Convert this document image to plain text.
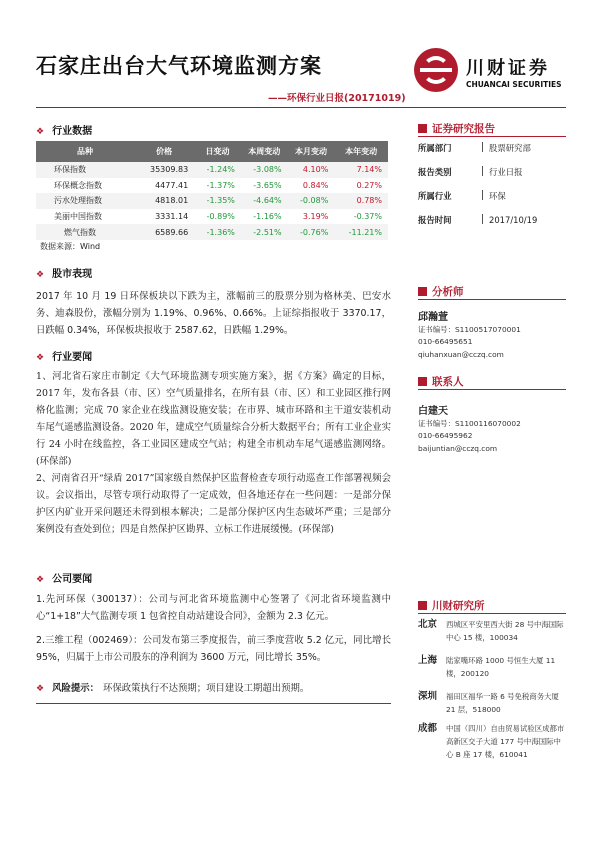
石家庄出台大气环境监测方案
——环保行业日报(20171019)
川财证券
CHUANCAI SECURITIES
❖ 行业数据
品种	价格	日变动	本周变动	本月变动	本年变动
环保指数	35309.83	-1.24%	-3.08%	4.10%	7.14%
环保概念指数	4477.41	-1.37%	-3.65%	0.84%	0.27%
污水处理指数	4818.01	-1.35%	-4.64%	-0.08%	0.78%
美丽中国指数	3331.14	-0.89%	-1.16%	3.19%	-0.37%
燃气指数	6589.66	-1.36%	-2.51%	-0.76%	-11.21%
数据来源：Wind
❖ 股市表现
2017 年 10 月 19 日环保板块以下跌为主，涨幅前三的股票分别为格林美、巴安水务、迪森股份，涨幅分别为 1.19%、0.96%、0.66%。上证综指报收于 3370.17，日跌幅 0.34%，环保板块报收于 2587.62，日跌幅 1.29%。
❖ 行业要闻
1、河北省石家庄市制定《大气环境监测专项实施方案》，据《方案》确定的目标，2017 年，发布各县（市、区）空气质量排名，在所有县（市、区）和工业园区推行网格化监测；完成 70 家企业在线监测设施安装；在市界、城市环路和主干道安装机动车尾气遥感监测设备。2020 年，建成空气质量综合分析大数据平台；所有工业企业实行 24 小时在线监控，各工业园区建成空气站；构建全市机动车尾气遥感监测网络。(环保部)
2、河南省召开“绿盾 2017”国家级自然保护区监督检查专项行动巡查工作部署视频会议。会议指出，尽管专项行动取得了一定成效，但各地还存在一些问题：一是部分保护区内矿业开采问题还未得到根本解决；二是部分保护区内生态破坏严重；三是部分案例没有查处到位；四是自然保护区勘界、立标工作进展缓慢。(环保部)
❖ 公司要闻
1.先河环保（300137）：公司与河北省环境监测中心签署了《河北省环境监测中心“1+18”大气监测专项 1 包省控自动站建设合同》，金额为 2.3 亿元。
2.三维工程（002469）：公司发布第三季度报告，前三季度营收 5.2 亿元，同比增长 95%，归属于上市公司股东的净利润为 3600 万元，同比增长 35%。
❖ 风险提示： 环保政策执行不达预期；项目建设工期超出预期。
证券研究报告
所属部门	股票研究部
报告类别	行业日报
所属行业	环保
报告时间	2017/10/19
分析师
邱瀚萱
证书编号：S1100517070001
010-66495651
qiuhanxuan@cczq.com
联系人
白建天
证书编号：S1100116070002
010-66495962
baijuntian@cczq.com
川财研究所
北京 西城区平安里西大街 28 号中海国际中心 15 楼，100034
上海 陆家嘴环路 1000 号恒生大厦 11 楼，200120
深圳 福田区福华一路 6 号免税商务大厦 21 层，518000
成都 中国（四川）自由贸易试验区成都市高新区交子大道 177 号中海国际中心 B 座 17 楼，610041
